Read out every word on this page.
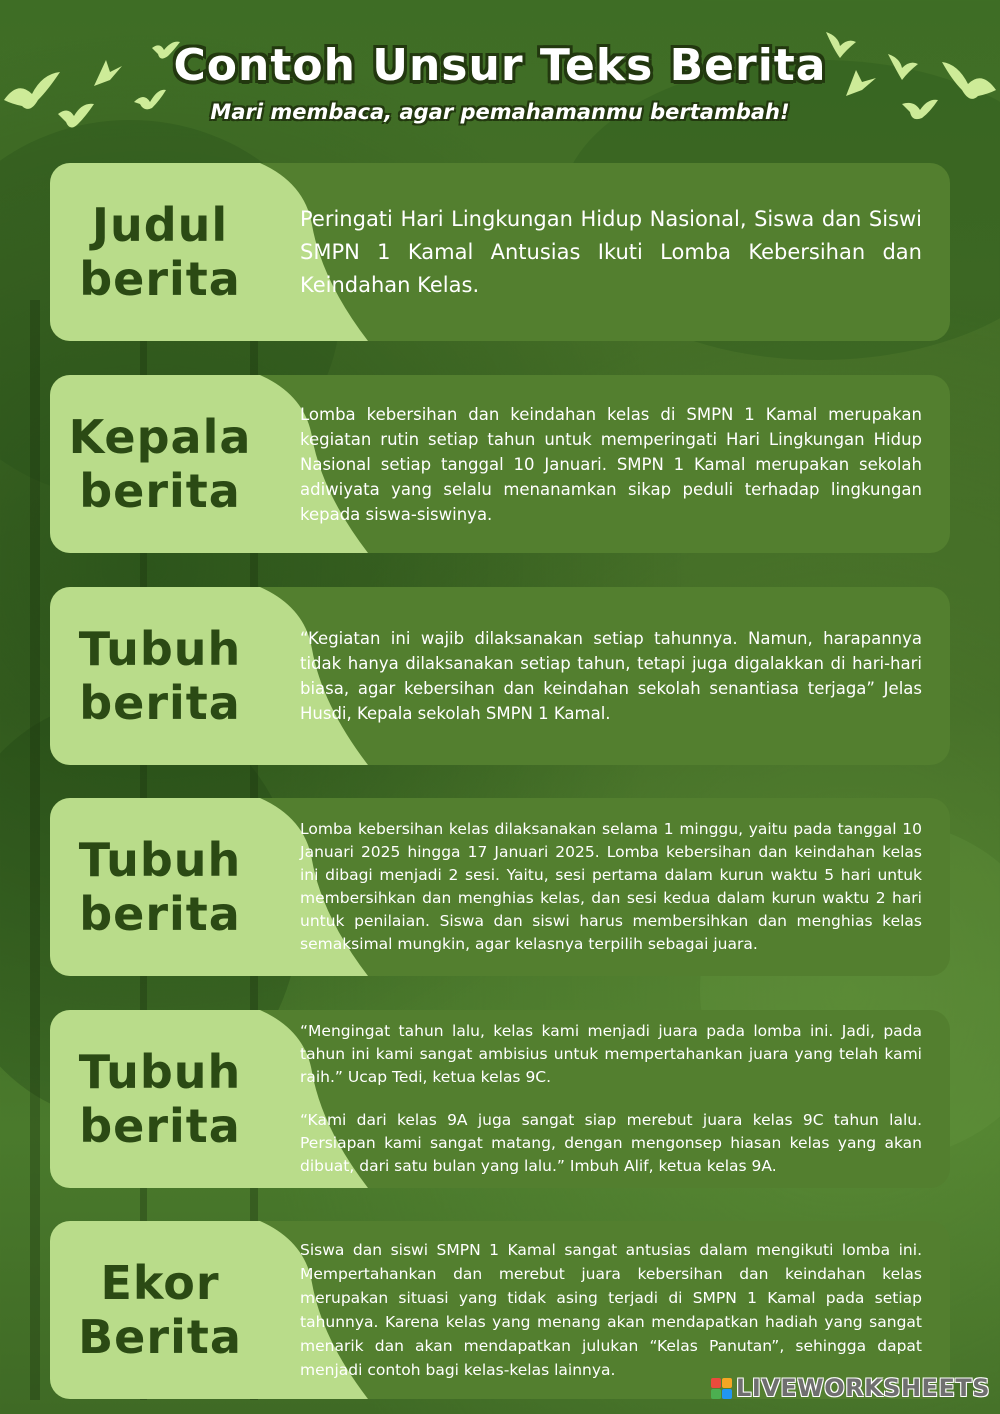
Contoh Unsur Teks Berita
Mari membaca, agar pemahamanmu bertambah!
Judul
berita

Peringati Hari Lingkungan Hidup Nasional, Siswa dan Siswi SMPN 1 Kamal Antusias Ikuti Lomba Kebersihan dan Keindahan Kelas.

Kepala
berita

Lomba kebersihan dan keindahan kelas di SMPN 1 Kamal merupakan kegiatan rutin setiap tahun untuk memperingati Hari Lingkungan Hidup Nasional setiap tanggal 10 Januari. SMPN 1 Kamal merupakan sekolah adiwiyata yang selalu menanamkan sikap peduli terhadap lingkungan kepada siswa-siswinya.

Tubuh
berita

“Kegiatan ini wajib dilaksanakan setiap tahunnya. Namun, harapannya tidak hanya dilaksanakan setiap tahun, tetapi juga digalakkan di hari-hari biasa, agar kebersihan dan keindahan sekolah senantiasa terjaga” Jelas Husdi, Kepala sekolah SMPN 1 Kamal.

Tubuh
berita

Lomba kebersihan kelas dilaksanakan selama 1 minggu, yaitu pada tanggal 10 Januari 2025 hingga 17 Januari 2025. Lomba kebersihan dan keindahan kelas ini dibagi menjadi 2 sesi. Yaitu, sesi pertama dalam kurun waktu 5 hari untuk membersihkan dan menghias kelas, dan sesi kedua dalam kurun waktu 2 hari untuk penilaian. Siswa dan siswi harus membersihkan dan menghias kelas semaksimal mungkin, agar kelasnya terpilih sebagai juara.

Tubuh
berita

“Mengingat tahun lalu, kelas kami menjadi juara pada lomba ini. Jadi, pada tahun ini kami sangat ambisius untuk mempertahankan juara yang telah kami raih.” Ucap Tedi, ketua kelas 9C.

“Kami dari kelas 9A juga sangat siap merebut juara kelas 9C tahun lalu. Persiapan kami sangat matang, dengan mengonsep hiasan kelas yang akan dibuat, dari satu bulan yang lalu.” Imbuh Alif, ketua kelas 9A.

Ekor
Berita

Siswa dan siswi SMPN 1 Kamal sangat antusias dalam mengikuti lomba ini. Mempertahankan dan merebut juara kebersihan dan keindahan kelas merupakan situasi yang tidak asing terjadi di SMPN 1 Kamal pada setiap tahunnya. Karena kelas yang menang akan mendapatkan hadiah yang sangat menarik dan akan mendapatkan julukan “Kelas Panutan”, sehingga dapat menjadi contoh bagi kelas-kelas lainnya.

LIVEWORKSHEETS
